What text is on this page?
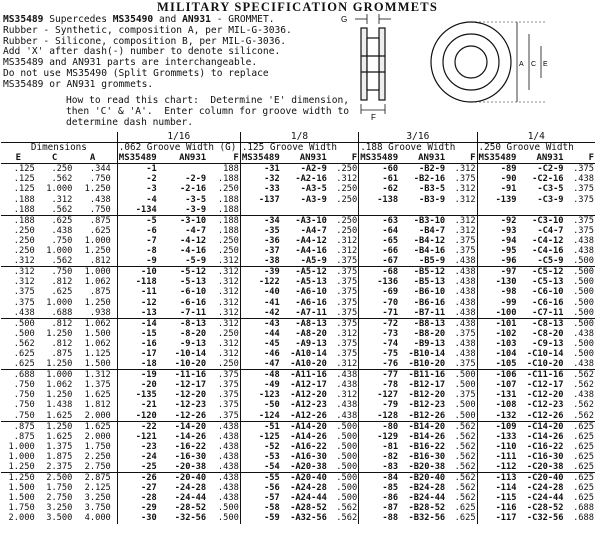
MILITARY SPECIFICATION GROMMETS
MS35489 Supercedes MS35490 and AN931 - GROMMET.
Rubber - Synthetic, composition A, per MIL-G-3036.
Rubber - Silicone, composition B, per MIL-G-3036.
Add 'X' after dash(-) number to denote silicone.
MS35489 and AN931 parts are interchangeable.
Do not use MS35490 (Split Grommets) to replace
MS35489 or AN931 grommets.
How to read this chart:  Determine 'E' dimension,
then 'C' & 'A'.  Enter column for groove width to
determine dash number.
G
F
A C E
			1/16			1/8			3/16			1/4		
Dimensions			.062 Groove Width (G)			.125 Groove Width			.188 Groove Width			.250 Groove Width		
E	C	A	MS35489	AN931	F	MS35489	AN931	F	MS35489	AN931	F	MS35489	AN931	F
.125	.250	.344	-1		188	-31	-A2-9	.250	-60	-B2-9	.312	-89	-C2-9	.375
.125	.562	.750	-2	-2-9	.188	-32	-A2-16	.312	-61	-B2-16	.375	-90	-C2-16	.438
.125	1.000	1.250	-3	-2-16	.250	-33	-A3-5	.250	-62	-B3-5	.312	-91	-C3-5	.375
.188	.312	.438	-4	-3-5	.188	-137	-A3-9	.250	-138	-B3-9	.312	-139	-C3-9	.375
.188	.562	.750	-134	-3-9	.188									
.188	.625	.875	-5	-3-10	.188	-34	-A3-10	.250	-63	-B3-10	.312	-92	-C3-10	.375
.250	.438	.625	-6	-4-7	.188	-35	-A4-7	.250	-64	-B4-7	.312	-93	-C4-7	.375
.250	.750	1.000	-7	-4-12	.250	-36	-A4-12	.312	-65	-B4-12	.375	-94	-C4-12	.438
.250	1.000	1.250	-8	-4-16	.250	-37	-A4-16	.312	-66	-B4-16	.375	-95	-C4-16	.438
.312	.562	.812	-9	-5-9	.312	-38	-A5-9	.375	-67	-B5-9	.438	-96	-C5-9	.500
.312	.750	1.000	-10	-5-12	.312	-39	-A5-12	.375	-68	-B5-12	.438	-97	-C5-12	.500
.312	.812	1.062	-118	-5-13	.312	-122	-A5-13	.375	-136	-B5-13	.438	-130	-C5-13	.500
.375	.625	.875	-11	-6-10	.312	-40	-A6-10	.375	-69	-B6-10	.438	-98	-C6-10	.500
.375	1.000	1.250	-12	-6-16	.312	-41	-A6-16	.375	-70	-B6-16	.438	-99	-C6-16	.500
.438	.688	.938	-13	-7-11	.312	-42	-A7-11	.375	-71	-B7-11	.438	-100	-C7-11	.500
.500	.812	1.062	-14	-8-13	.312	-43	-A8-13	.375	-72	-B8-13	.438	-101	-C8-13	.500
.500	1.250	1.500	-15	-8-20	.250	-44	-A8-20	.312	-73	-B8-20	.375	-102	-C8-20	.438
.562	.812	1.062	-16	-9-13	.312	-45	-A9-13	.375	-74	-B9-13	.438	-103	-C9-13	.500
.625	.875	1.125	-17	-10-14	.312	-46	-A10-14	.375	-75	-B10-14	.438	-104	-C10-14	.500
.625	1.250	1.500	-18	-10-20	.250	-47	-A10-20	.312	-76	-B10-20	.375	-105	-C10-20	.438
.688	1.000	1.312	-19	-11-16	.375	-48	-A11-16	.438	-77	-B11-16	.500	-106	-C11-16	.562
.750	1.062	1.375	-20	-12-17	.375	-49	-A12-17	.438	-78	-B12-17	.500	-107	-C12-17	.562
.750	1.250	1.625	-135	-12-20	.375	-123	-A12-20	.312	-127	-B12-20	.375	-131	-C12-20	.438
.750	1.438	1.812	-21	-12-23	.375	-50	-A12-23	.438	-79	-B12-23	.500	-108	-C12-23	.562
.750	1.625	2.000	-120	-12-26	.375	-124	-A12-26	.438	-128	-B12-26	.500	-132	-C12-26	.562
.875	1.250	1.625	-22	-14-20	.438	-51	-A14-20	.500	-80	-B14-20	.562	-109	-C14-20	.625
.875	1.625	2.000	-121	-14-26	.438	-125	-A14-26	.500	-129	-B14-26	.562	-133	-C14-26	.625
1.000	1.375	1.750	-23	-16-22	.438	-52	-A16-22	.500	-81	-B16-22	.562	-110	-C16-22	.625
1.000	1.875	2.250	-24	-16-30	.438	-53	-A16-30	.500	-82	-B16-30	.562	-111	-C16-30	.625
1.250	2.375	2.750	-25	-20-38	.438	-54	-A20-38	.500	-83	-B20-38	.562	-112	-C20-38	.625
1.250	2.500	2.875	-26	-20-40	.438	-55	-A20-40	.500	-84	-B20-40	.562	-113	-C20-40	.625
1.500	1.750	2.125	-27	-24-28	.438	-56	-A24-28	.500	-85	-B24-28	.562	-114	-C24-28	.625
1.500	2.750	3.250	-28	-24-44	.438	-57	-A24-44	.500	-86	-B24-44	.562	-115	-C24-44	.625
1.750	3.250	3.750	-29	-28-52	.500	-58	-A28-52	.562	-87	-B28-52	.625	-116	-C28-52	.688
2.000	3.500	4.000	-30	-32-56	.500	-59	-A32-56	.562	-88	-B32-56	.625	-117	-C32-56	.688
